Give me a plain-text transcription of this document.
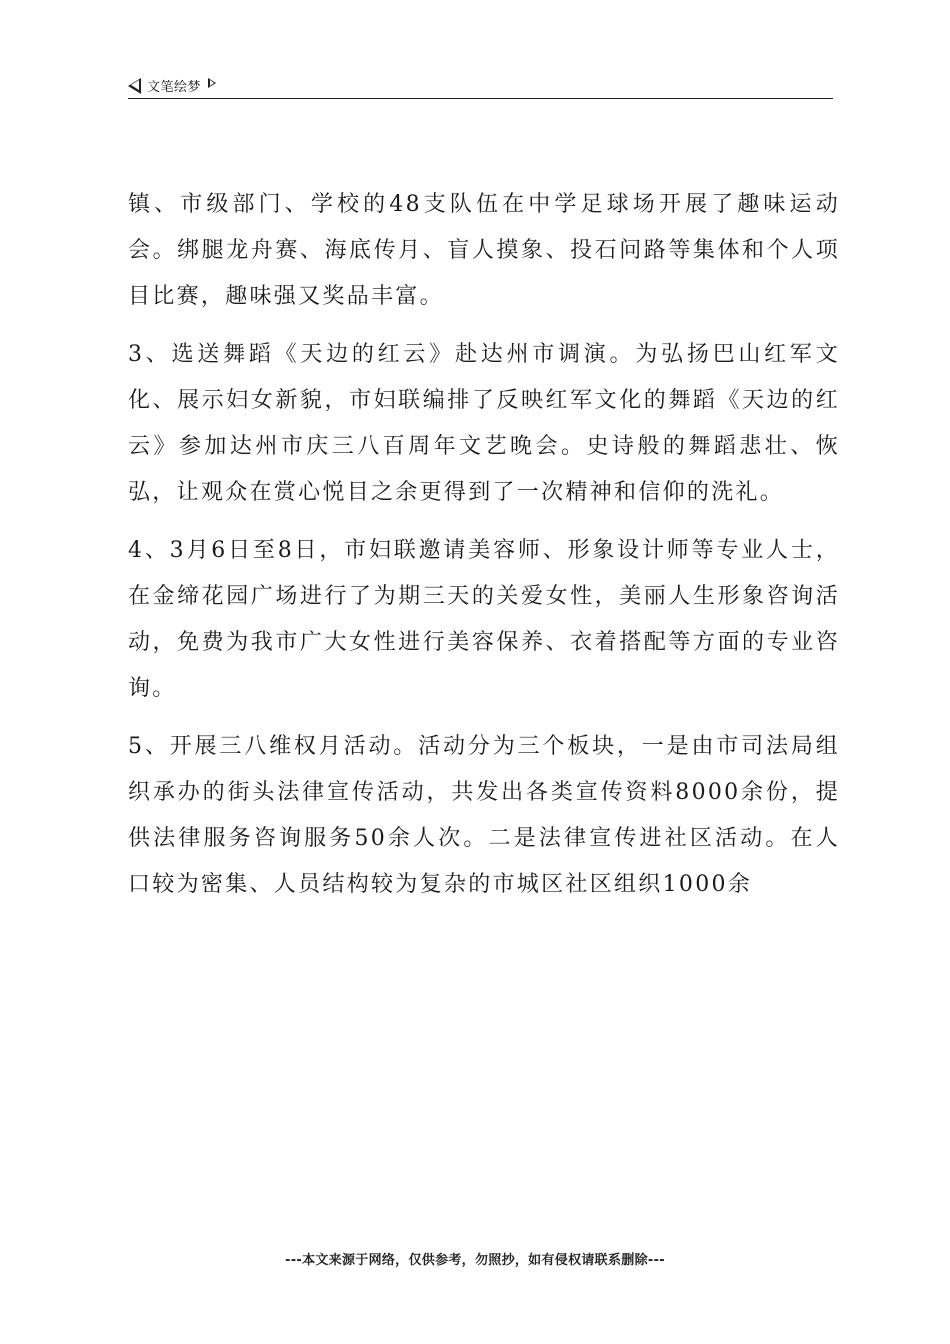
文笔绘梦

镇、市级部门、学校的48支队伍在中学足球场开展了趣味运动会。绑腿龙舟赛、海底传月、盲人摸象、投石问路等集体和个人项目比赛，趣味强又奖品丰富。

3、选送舞蹈《天边的红云》赴达州市调演。为弘扬巴山红军文化、展示妇女新貌，市妇联编排了反映红军文化的舞蹈《天边的红云》参加达州市庆三八百周年文艺晚会。史诗般的舞蹈悲壮、恢弘，让观众在赏心悦目之余更得到了一次精神和信仰的洗礼。

4、3月6日至8日，市妇联邀请美容师、形象设计师等专业人士，在金缔花园广场进行了为期三天的关爱女性，美丽人生形象咨询活动，免费为我市广大女性进行美容保养、衣着搭配等方面的专业咨询。

5、开展三八维权月活动。活动分为三个板块，一是由市司法局组织承办的街头法律宣传活动，共发出各类宣传资料8000余份，提供法律服务咨询服务50余人次。二是法律宣传进社区活动。在人口较为密集、人员结构较为复杂的市城区社区组织1000余

---本文来源于网络，仅供参考，勿照抄，如有侵权请联系删除---
